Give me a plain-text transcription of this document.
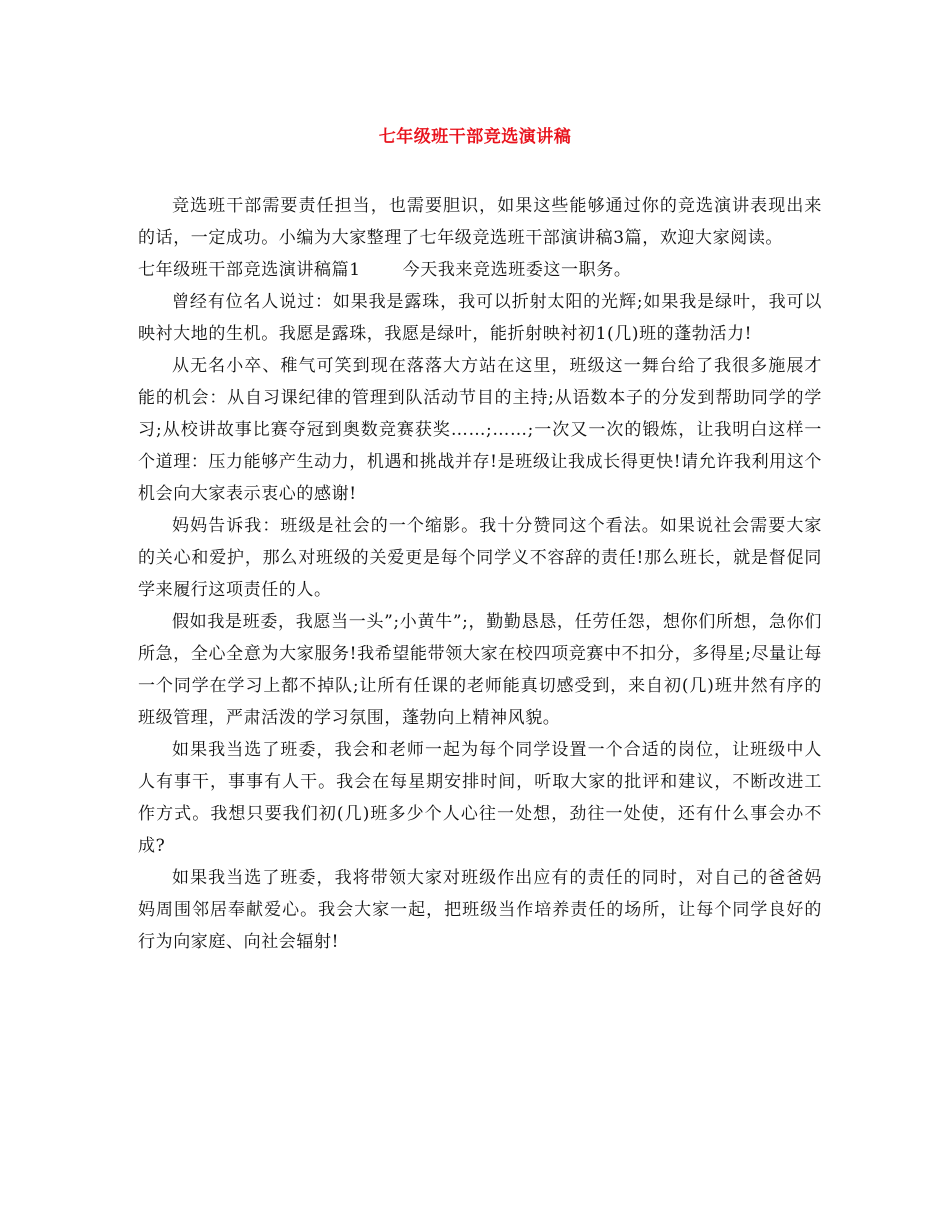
七年级班干部竞选演讲稿

竞选班干部需要责任担当，也需要胆识，如果这些能够通过你的竞选演讲表现出来的话，一定成功。小编为大家整理了七年级竞选班干部演讲稿3篇，欢迎大家阅读。

七年级班干部竞选演讲稿篇1 今天我来竞选班委这一职务。

曾经有位名人说过：如果我是露珠，我可以折射太阳的光辉;如果我是绿叶，我可以映衬大地的生机。我愿是露珠，我愿是绿叶，能折射映衬初1(几)班的蓬勃活力!

从无名小卒、稚气可笑到现在落落大方站在这里，班级这一舞台给了我很多施展才能的机会：从自习课纪律的管理到队活动节目的主持;从语数本子的分发到帮助同学的学习;从校讲故事比赛夺冠到奥数竞赛获奖……;……;一次又一次的锻炼，让我明白这样一个道理：压力能够产生动力，机遇和挑战并存!是班级让我成长得更快!请允许我利用这个机会向大家表示衷心的感谢!

妈妈告诉我：班级是社会的一个缩影。我十分赞同这个看法。如果说社会需要大家的关心和爱护，那么对班级的关爱更是每个同学义不容辞的责任!那么班长，就是督促同学来履行这项责任的人。

假如我是班委，我愿当一头”;小黄牛”;，勤勤恳恳，任劳任怨，想你们所想，急你们所急，全心全意为大家服务!我希望能带领大家在校四项竞赛中不扣分，多得星;尽量让每一个同学在学习上都不掉队;让所有任课的老师能真切感受到，来自初(几)班井然有序的班级管理，严肃活泼的学习氛围，蓬勃向上精神风貌。

如果我当选了班委，我会和老师一起为每个同学设置一个合适的岗位，让班级中人人有事干，事事有人干。我会在每星期安排时间，听取大家的批评和建议，不断改进工作方式。我想只要我们初(几)班多少个人心往一处想，劲往一处使，还有什么事会办不成?

如果我当选了班委，我将带领大家对班级作出应有的责任的同时，对自己的爸爸妈妈周围邻居奉献爱心。我会大家一起，把班级当作培养责任的场所，让每个同学良好的行为向家庭、向社会辐射!
